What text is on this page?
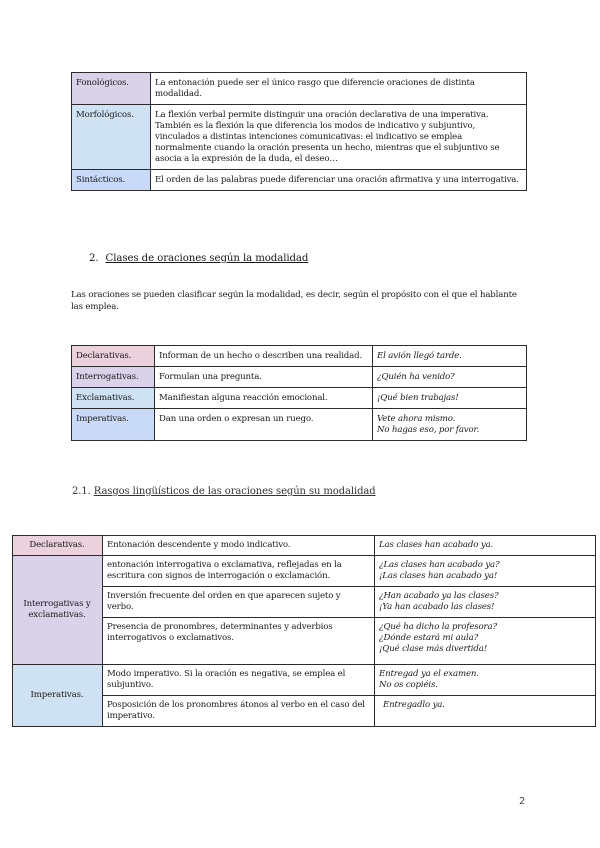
Fonológicos.	La entonación puede ser el único rasgo que diferencie oraciones de distinta modalidad.
Morfológicos.	La flexión verbal permite distinguir una oración declarativa de una imperativa. También es la flexión la que diferencia los modos de indicativo y subjuntivo, vinculados a distintas intenciones comunicativas: el indicativo se emplea normalmente cuando la oración presenta un hecho, mientras que el subjuntivo se asocia a la expresión de la duda, el deseo…
Sintácticos.	El orden de las palabras puede diferenciar una oración afirmativa y una interrogativa.
2. Clases de oraciones según la modalidad

Las oraciones se pueden clasificar según la modalidad, es decir, según el propósito con el que el hablante las emplea.

Declarativas.	Informan de un hecho o describen una realidad.	El avión llegó tarde.

Interrogativas.	Formulan una pregunta.	¿Quién ha venido?

Exclamativas.	Manifiestan alguna reacción emocional.	¡Qué bien trabajas!

Imperativas.	Dan una orden o expresan un ruego.	Vete ahora mismo.
No hagas eso, por favor.
2.1. Rasgos lingüísticos de las oraciones según su modalidad
Declarativas.	Entonación descendente y modo indicativo.	Las clases han acabado ya.

Interrogativas y exclamativas.	entonación interrogativa o exclamativa, reflejadas en la escritura con signos de interrogación o exclamación.	¿Las clases han acabado ya?
¡Las clases han acabado ya!

	Inversión frecuente del orden en que aparecen sujeto y verbo.	¿Han acabado ya las clases?
¡Ya han acabado las clases!

	Presencia de pronombres, determinantes y adverbios interrogativos o exclamativos.	¿Qué ha dicho la profesora?
¿Dónde estará mi aula?
¡Qué clase más divertida!

Imperativas.	Modo imperativo. Si la oración es negativa, se emplea el subjuntivo.	Entregad ya el examen.
No os copiéis.

	Posposición de los pronombres átonos al verbo en el caso del imperativo.	Entregadlo ya.
2
